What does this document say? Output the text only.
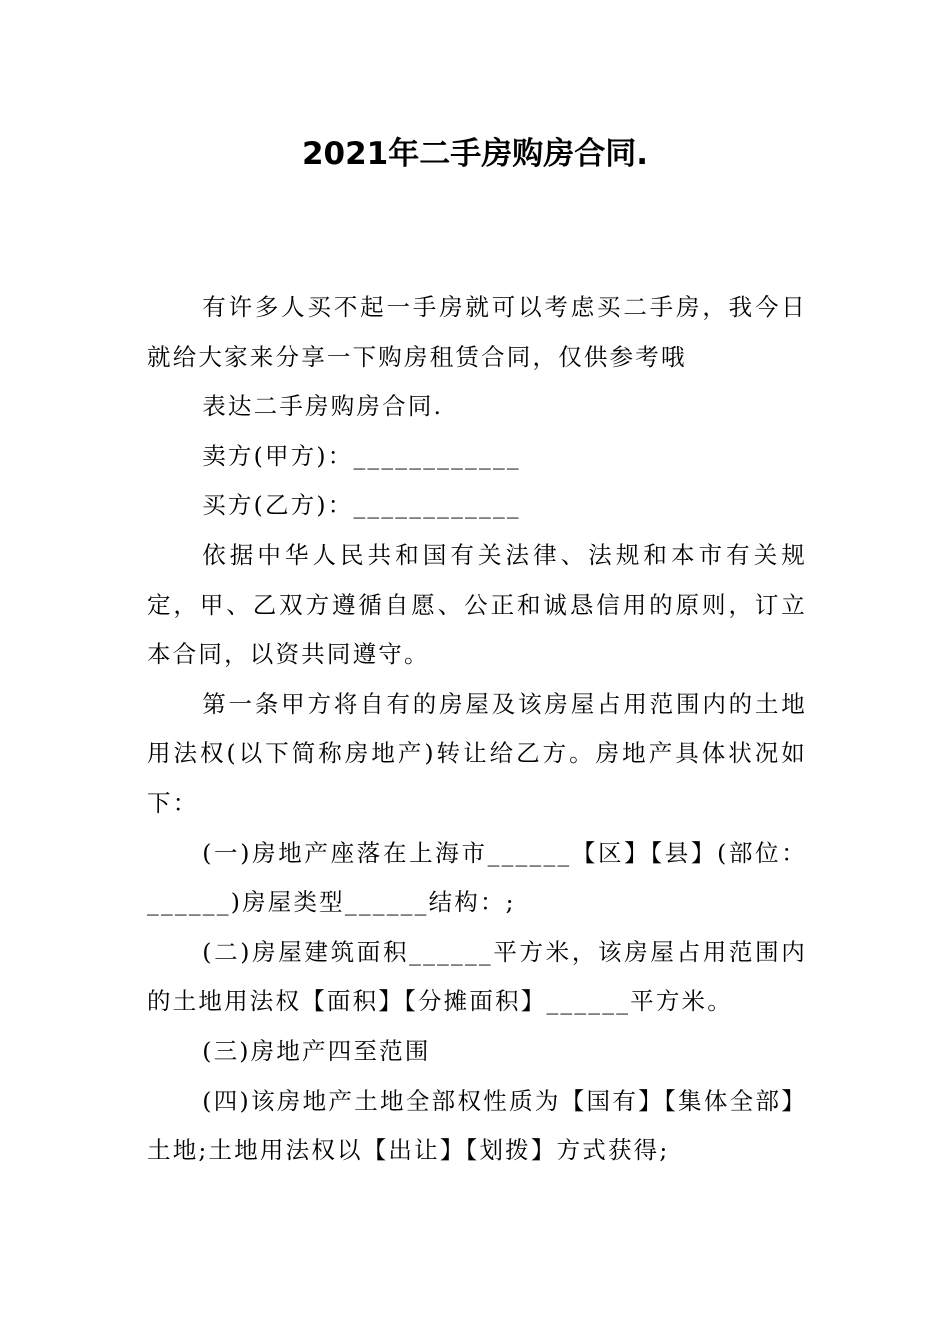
2021年二手房购房合同.

有许多人买不起一手房就可以考虑买二手房，我今日就给大家来分享一下购房租赁合同，仅供参考哦

表达二手房购房合同.

卖方(甲方)：____________

买方(乙方)：____________

依据中华人民共和国有关法律、法规和本市有关规定，甲、乙双方遵循自愿、公正和诚恳信用的原则，订立本合同，以资共同遵守。

第一条甲方将自有的房屋及该房屋占用范围内的土地用法权(以下简称房地产)转让给乙方。房地产具体状况如下：

(一)房地产座落在上海市______【区】【县】(部位：______)房屋类型______结构：;

(二)房屋建筑面积______平方米，该房屋占用范围内的土地用法权【面积】【分摊面积】______平方米。

(三)房地产四至范围

(四)该房地产土地全部权性质为【国有】【集体全部】土地;土地用法权以【出让】【划拨】方式获得;
